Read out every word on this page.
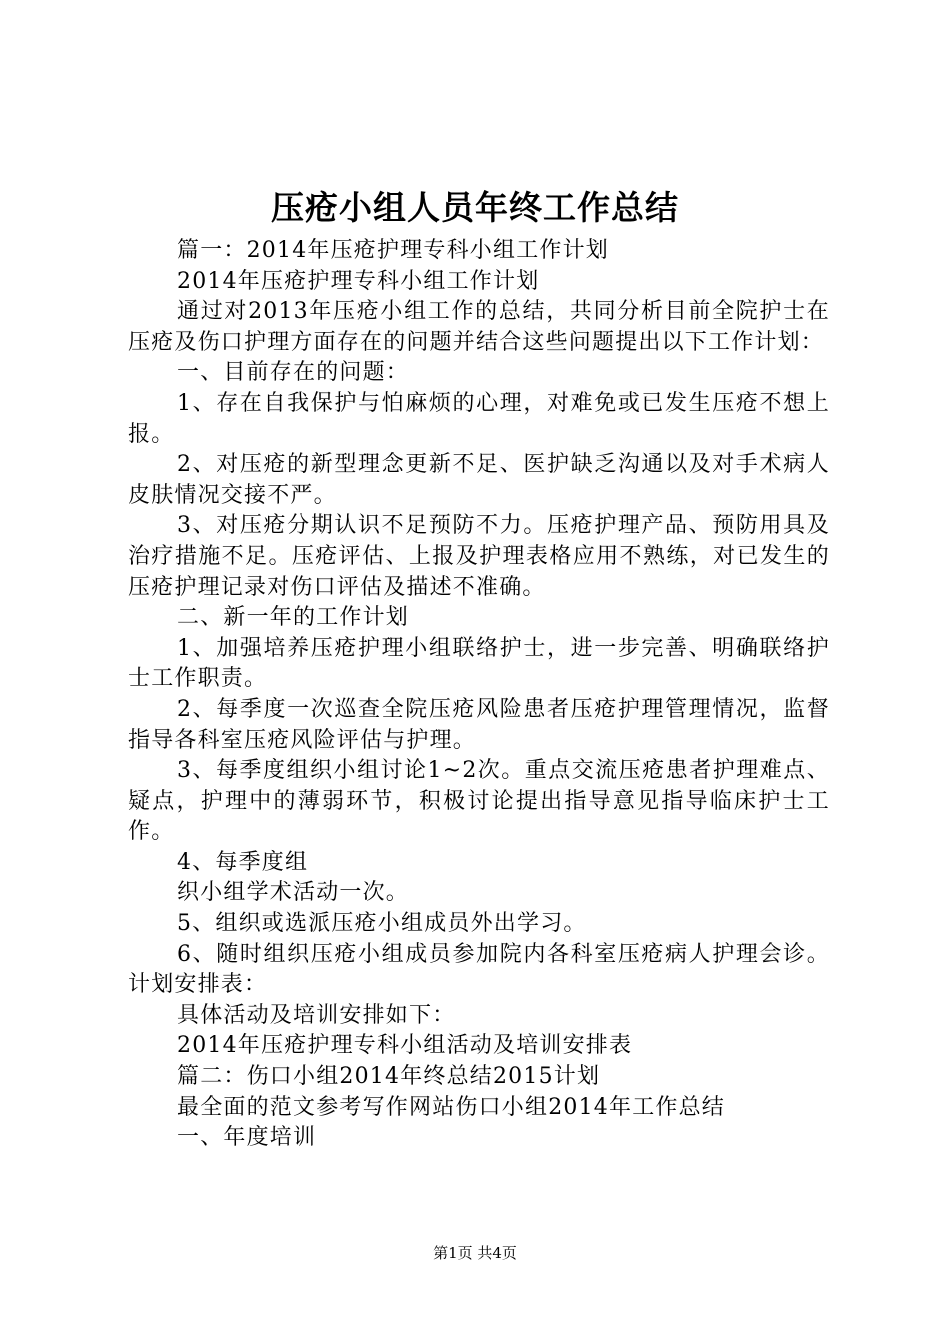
压疮小组人员年终工作总结

篇一：2014年压疮护理专科小组工作计划

2014年压疮护理专科小组工作计划

通过对2013年压疮小组工作的总结，共同分析目前全院护士在压疮及伤口护理方面存在的问题并结合这些问题提出以下工作计划：

一、目前存在的问题：

1、存在自我保护与怕麻烦的心理，对难免或已发生压疮不想上报。

2、对压疮的新型理念更新不足、医护缺乏沟通以及对手术病人皮肤情况交接不严。

3、对压疮分期认识不足预防不力。压疮护理产品、预防用具及治疗措施不足。压疮评估、上报及护理表格应用不熟练，对已发生的压疮护理记录对伤口评估及描述不准确。

二、新一年的工作计划

1、加强培养压疮护理小组联络护士，进一步完善、明确联络护士工作职责。

2、每季度一次巡查全院压疮风险患者压疮护理管理情况，监督指导各科室压疮风险评估与护理。

3、每季度组织小组讨论1~2次。重点交流压疮患者护理难点、疑点，护理中的薄弱环节，积极讨论提出指导意见指导临床护士工作。

4、每季度组

织小组学术活动一次。

5、组织或选派压疮小组成员外出学习。

6、随时组织压疮小组成员参加院内各科室压疮病人护理会诊。计划安排表：

具体活动及培训安排如下：

2014年压疮护理专科小组活动及培训安排表

篇二：伤口小组2014年终总结2015计划

最全面的范文参考写作网站伤口小组2014年工作总结

一、年度培训

第1页 共4页
